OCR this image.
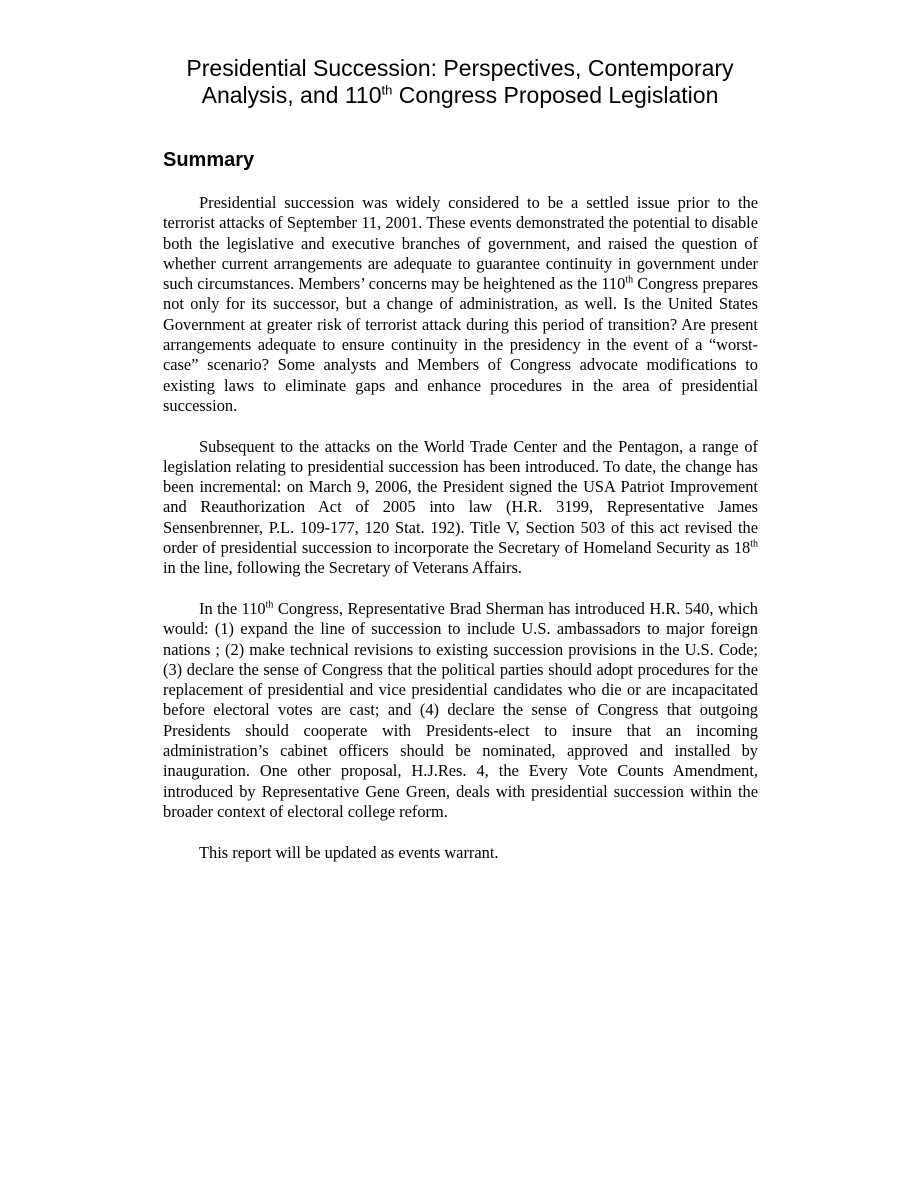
Presidential Succession: Perspectives, Contemporary
Analysis, and 110th Congress Proposed Legislation
Summary

Presidential succession was widely considered to be a settled issue prior to the terrorist attacks of September 11, 2001. These events demonstrated the potential to disable both the legislative and executive branches of government, and raised the question of whether current arrangements are adequate to guarantee continuity in government under such circumstances. Members’ concerns may be heightened as the 110th Congress prepares not only for its successor, but a change of administration, as well. Is the United States Government at greater risk of terrorist attack during this period of transition? Are present arrangements adequate to ensure continuity in the presidency in the event of a “worst-case” scenario? Some analysts and Members of Congress advocate modifications to existing laws to eliminate gaps and enhance procedures in the area of presidential succession.

Subsequent to the attacks on the World Trade Center and the Pentagon, a range of legislation relating to presidential succession has been introduced. To date, the change has been incremental: on March 9, 2006, the President signed the USA Patriot Improvement and Reauthorization Act of 2005 into law (H.R. 3199, Representative James Sensenbrenner, P.L. 109-177, 120 Stat. 192). Title V, Section 503 of this act revised the order of presidential succession to incorporate the Secretary of Homeland Security as 18th in the line, following the Secretary of Veterans Affairs.

In the 110th Congress, Representative Brad Sherman has introduced H.R. 540, which would: (1) expand the line of succession to include U.S. ambassadors to major foreign nations ; (2) make technical revisions to existing succession provisions in the U.S. Code; (3) declare the sense of Congress that the political parties should adopt procedures for the replacement of presidential and vice presidential candidates who die or are incapacitated before electoral votes are cast; and (4) declare the sense of Congress that outgoing Presidents should cooperate with Presidents-elect to insure that an incoming administration’s cabinet officers should be nominated, approved and installed by inauguration. One other proposal, H.J.Res. 4, the Every Vote Counts Amendment, introduced by Representative Gene Green, deals with presidential succession within the broader context of electoral college reform.

This report will be updated as events warrant.
